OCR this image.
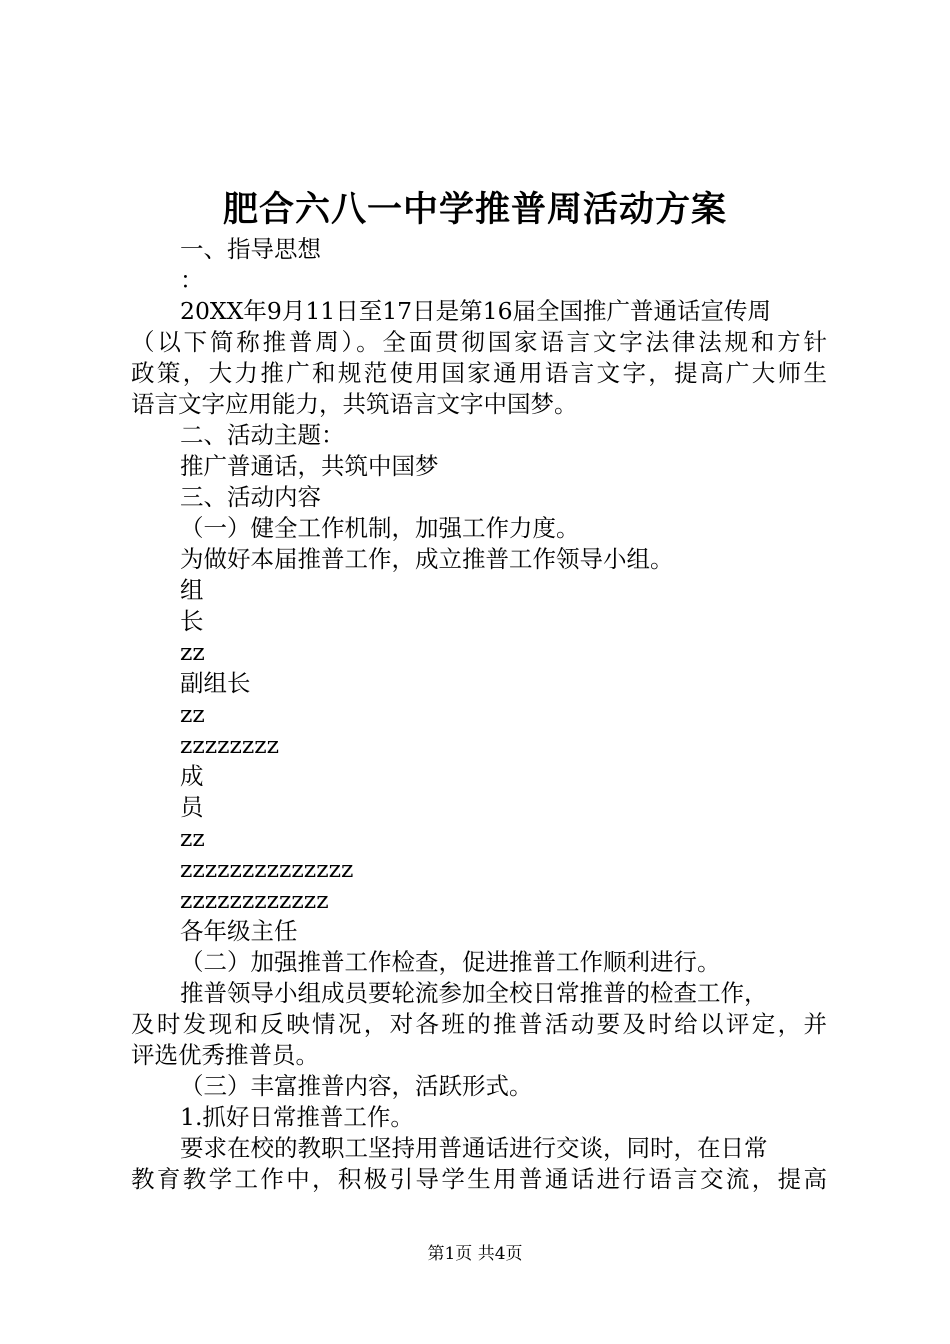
肥合六八一中学推普周活动方案
一、指导思想
：
20XX年9月11日至17日是第16届全国推广普通话宣传周
（以下简称推普周）。全面贯彻国家语言文字法律法规和方针
政策，大力推广和规范使用国家通用语言文字，提高广大师生
语言文字应用能力，共筑语言文字中国梦。
二、活动主题：
推广普通话，共筑中国梦
三、活动内容
（一）健全工作机制，加强工作力度。
为做好本届推普工作，成立推普工作领导小组。
组
长
zz
副组长
zz
zzzzzzzz
成
员
zz
zzzzzzzzzzzzzz
zzzzzzzzzzzz
各年级主任
（二）加强推普工作检查，促进推普工作顺利进行。
推普领导小组成员要轮流参加全校日常推普的检查工作，
及时发现和反映情况，对各班的推普活动要及时给以评定，并
评选优秀推普员。
（三）丰富推普内容，活跃形式。
1.抓好日常推普工作。
要求在校的教职工坚持用普通话进行交谈，同时，在日常
教育教学工作中，积极引导学生用普通话进行语言交流，提高
第1页 共4页
